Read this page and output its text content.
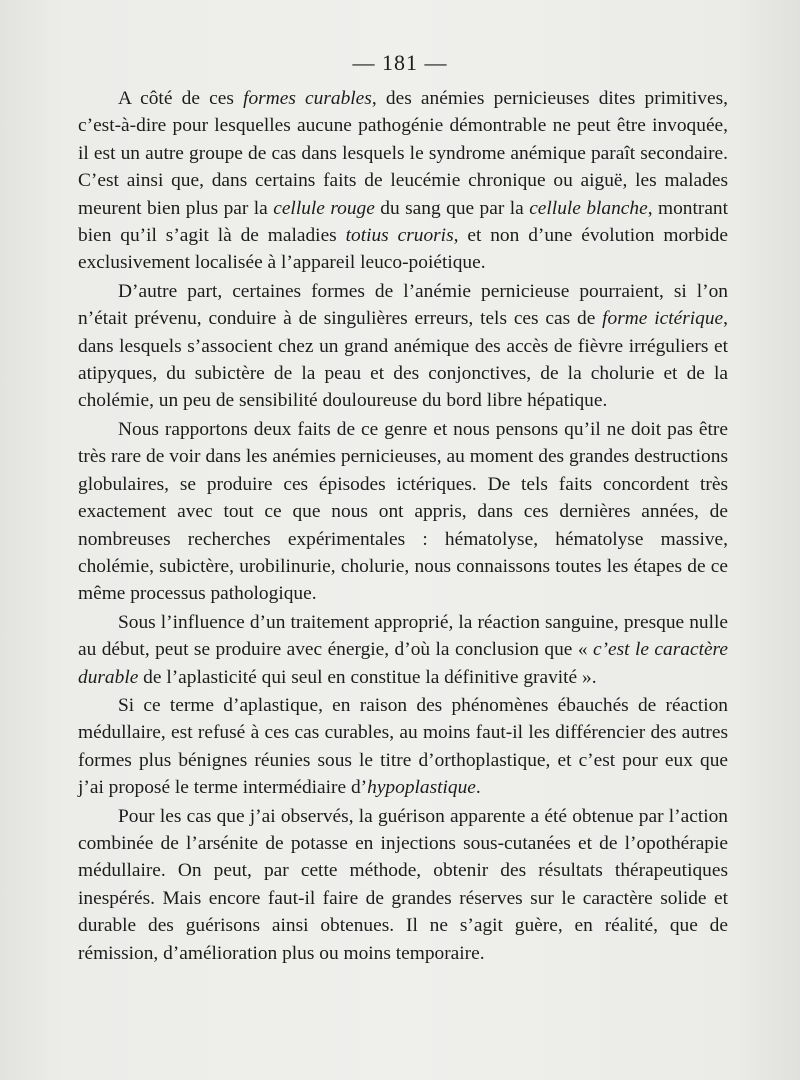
— 181 —

A côté de ces formes curables, des anémies pernicieuses dites primitives, c’est-à-dire pour lesquelles aucune pathogénie démontrable ne peut être invoquée, il est un autre groupe de cas dans lesquels le syndrome anémique paraît secondaire. C’est ainsi que, dans certains faits de leucémie chronique ou aiguë, les malades meurent bien plus par la cellule rouge du sang que par la cellule blanche, montrant bien qu’il s’agit là de maladies totius cruoris, et non d’une évolution morbide exclusivement localisée à l’appareil leuco-poiétique.

D’autre part, certaines formes de l’anémie pernicieuse pourraient, si l’on n’était prévenu, conduire à de singulières erreurs, tels ces cas de forme ictérique, dans lesquels s’associent chez un grand anémique des accès de fièvre irréguliers et atipyques, du subictère de la peau et des conjonctives, de la cholurie et de la cholémie, un peu de sensibilité douloureuse du bord libre hépatique.

Nous rapportons deux faits de ce genre et nous pensons qu’il ne doit pas être très rare de voir dans les anémies pernicieuses, au moment des grandes destructions globulaires, se produire ces épisodes ictériques. De tels faits concordent très exactement avec tout ce que nous ont appris, dans ces dernières années, de nombreuses recherches expérimentales : hématolyse, hématolyse massive, cholémie, subictère, urobilinurie, cholurie, nous connaissons toutes les étapes de ce même processus pathologique.

Sous l’influence d’un traitement approprié, la réaction sanguine, presque nulle au début, peut se produire avec énergie, d’où la conclusion que « c’est le caractère durable de l’aplasticité qui seul en constitue la définitive gravité ».

Si ce terme d’aplastique, en raison des phénomènes ébauchés de réaction médullaire, est refusé à ces cas curables, au moins faut-il les différencier des autres formes plus bénignes réunies sous le titre d’orthoplastique, et c’est pour eux que j’ai proposé le terme intermédiaire d’hypoplastique.

Pour les cas que j’ai observés, la guérison apparente a été obtenue par l’action combinée de l’arsénite de potasse en injections sous-cutanées et de l’opothérapie médullaire. On peut, par cette méthode, obtenir des résultats thérapeutiques inespérés. Mais encore faut-il faire de grandes réserves sur le caractère solide et durable des guérisons ainsi obtenues. Il ne s’agit guère, en réalité, que de rémission, d’amélioration plus ou moins temporaire.
